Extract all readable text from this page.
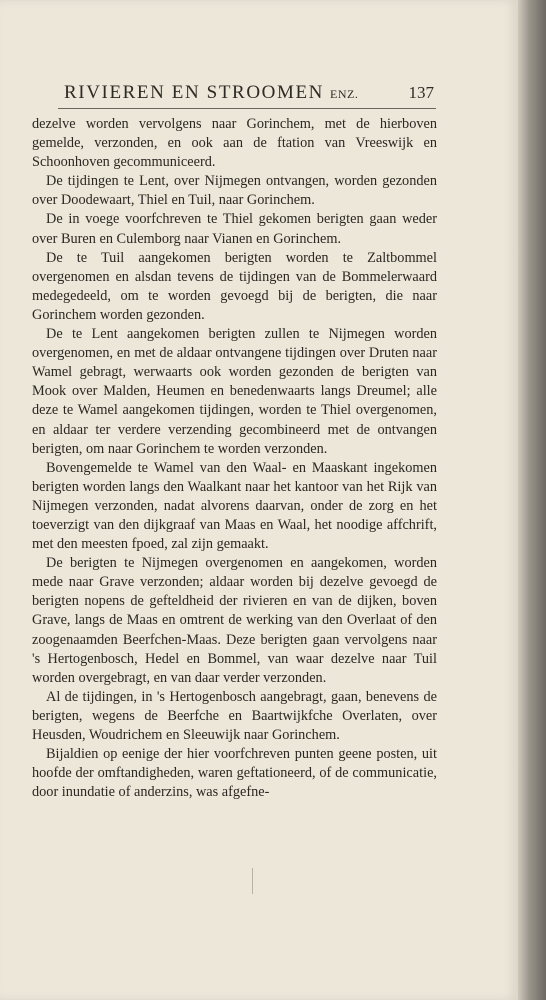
RIVIEREN EN STROOMEN ENZ.	137

dezelve worden vervolgens naar Gorinchem, met de hierboven gemelde, verzonden, en ook aan de ftation van Vreeswijk en Schoonhoven gecommuniceerd.

De tijdingen te Lent, over Nijmegen ontvangen, worden gezonden over Doodewaart, Thiel en Tuil, naar Gorinchem.

De in voege voorfchreven te Thiel gekomen berigten gaan weder over Buren en Culemborg naar Vianen en Gorinchem.

De te Tuil aangekomen berigten worden te Zaltbommel overgenomen en alsdan tevens de tijdingen van de Bommelerwaard medegedeeld, om te worden gevoegd bij de berigten, die naar Gorinchem worden gezonden.

De te Lent aangekomen berigten zullen te Nijmegen worden overgenomen, en met de aldaar ontvangene tijdingen over Druten naar Wamel gebragt, werwaarts ook worden gezonden de berigten van Mook over Malden, Heumen en benedenwaarts langs Dreumel; alle deze te Wamel aangekomen tijdingen, worden te Thiel overgenomen, en aldaar ter verdere verzending gecombineerd met de ontvangen berigten, om naar Gorinchem te worden verzonden.

Bovengemelde te Wamel van den Waal- en Maaskant ingekomen berigten worden langs den Waalkant naar het kantoor van het Rijk van Nijmegen verzonden, nadat alvorens daarvan, onder de zorg en het toeverzigt van den dijkgraaf van Maas en Waal, het noodige affchrift, met den meesten fpoed, zal zijn gemaakt.

De berigten te Nijmegen overgenomen en aangekomen, worden mede naar Grave verzonden; aldaar worden bij dezelve gevoegd de berigten nopens de gefteldheid der rivieren en van de dijken, boven Grave, langs de Maas en omtrent de werking van den Overlaat of den zoogenaamden Beerfchen-Maas. Deze berigten gaan vervolgens naar 's Hertogenbosch, Hedel en Bommel, van waar dezelve naar Tuil worden overgebragt, en van daar verder verzonden.

Al de tijdingen, in 's Hertogenbosch aangebragt, gaan, benevens de berigten, wegens de Beerfche en Baartwijkfche Overlaten, over Heusden, Woudrichem en Sleeuwijk naar Gorinchem.

Bijaldien op eenige der hier voorfchreven punten geene posten, uit hoofde der omftandigheden, waren geftationeerd, of de communicatie, door inundatie of anderzins, was afgefne-
